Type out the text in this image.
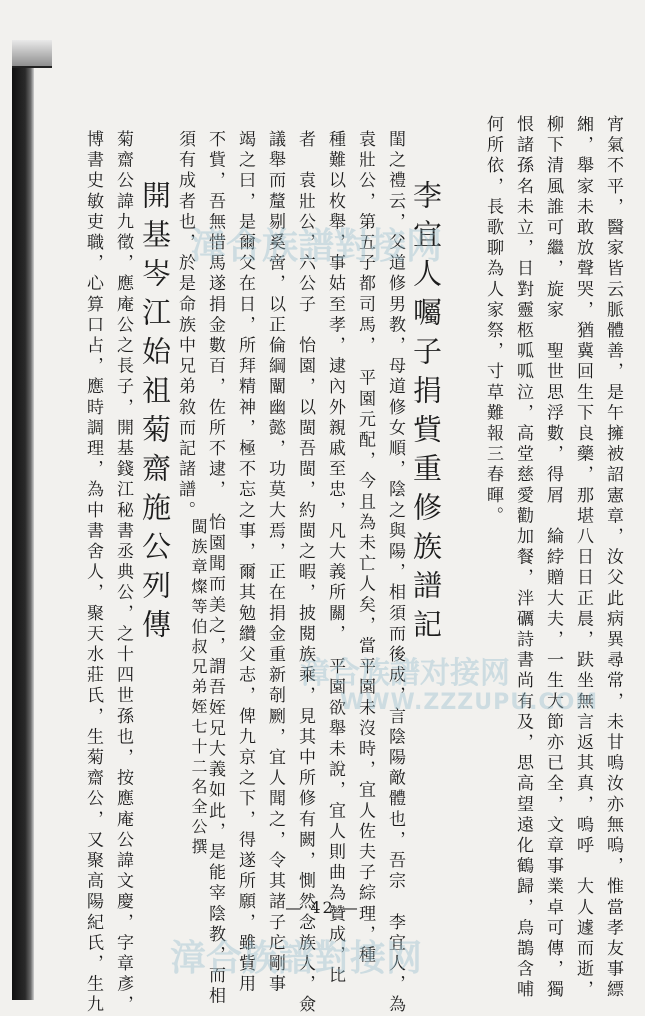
宵氣不平，醫家皆云脈體善，是午擁被詔憲章，汝父此病異尋常，未甘嗚汝亦無嗚，惟當孝友事縹
緗，舉家未敢放聲哭，猶冀回生下良藥，那堪八日日正晨，趺坐無言返其真，嗚呼　大人遽而逝，
柳下清風誰可繼，旋家　聖世思浮數，得屑　綸綍贈大夫，一生大節亦已全，文章事業卓可傳，獨
恨諸孫名未立，日對靈柩呱呱泣，高堂慈愛勸加餐，泮礪詩書尚有及，思高望遠化鶴歸，烏鵲含哺
何所依，長歌聊為人家祭，寸草難報三春暉。
李宜人囑子捐貲重修族譜記
閨之禮云，父道修男教，母道修女順，陰之與陽，相須而後成，言陰陽敵體也，吾宗　李宜人，為
袁壯公，第五子都司馬，　平園元配，今且為未亡人矣，當平園未沒時，宜人佐夫子綜理，種
種難以枚舉，事姑至孝，逮內外親戚至忠，凡大義所關，　平園欲舉未說，宜人則曲為贊成，比
者　袁壯公，六公子　怡園，以閩吾閩，約閩之暇，披閱族乘，見其中所修有闕，惻然念族人，僉
議舉而釐剔奚啻，以正倫綱闡幽懿，功莫大焉，正在捐金重新剞劂，宜人聞之，令其諸子庀剛事
竭之曰，是爾父在日，所拜精神，極不忘之事，爾其勉纘父志，俾九京之下，得遂所願，雖貲用
不貲，吾無惜馬遂捐金數百，佐所不逮，　怡園聞而美之，謂吾姪兄大義如此，是能宰陰教，而相
須有成者也，於是命族中兄弟敘而記諸譜。
閩族章燦等伯叔兄弟姪七十二名全公撰
開基岑江始祖菊齋施公列傳
菊齋公諱九徵，應庵公之長子，開基錢江秘書丞典公，之十四世孫也，按應庵公諱文慶，字章彥，
博書史敏吏職，心算口占，應時調理，為中書舍人，聚天水莊氏，生菊齋公，又聚高陽紀氏，生九	— 42 —
漳合族譜對接网
漳合族譜对接网
WWW.ZZZUPU.COM
漳合族譜對接网
